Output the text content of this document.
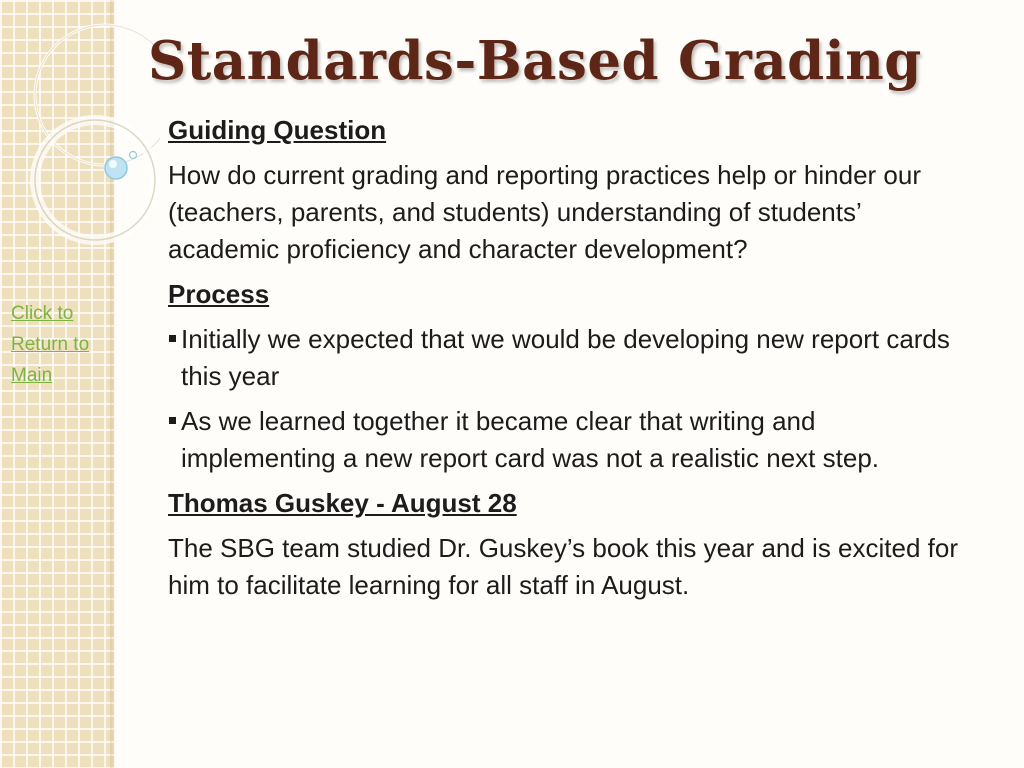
Click to Return to Main
Standards-Based Grading

Guiding Question

How do current grading and reporting practices help or hinder our (teachers, parents, and students) understanding of students’ academic proficiency and character development?

Process

Initially we expected that we would be developing new report cards this year
As we learned together it became clear that writing and implementing a new report card was not a realistic next step.

Thomas Guskey - August 28

The SBG team studied Dr. Guskey’s book this year and is excited for him to facilitate learning for all staff in August.
